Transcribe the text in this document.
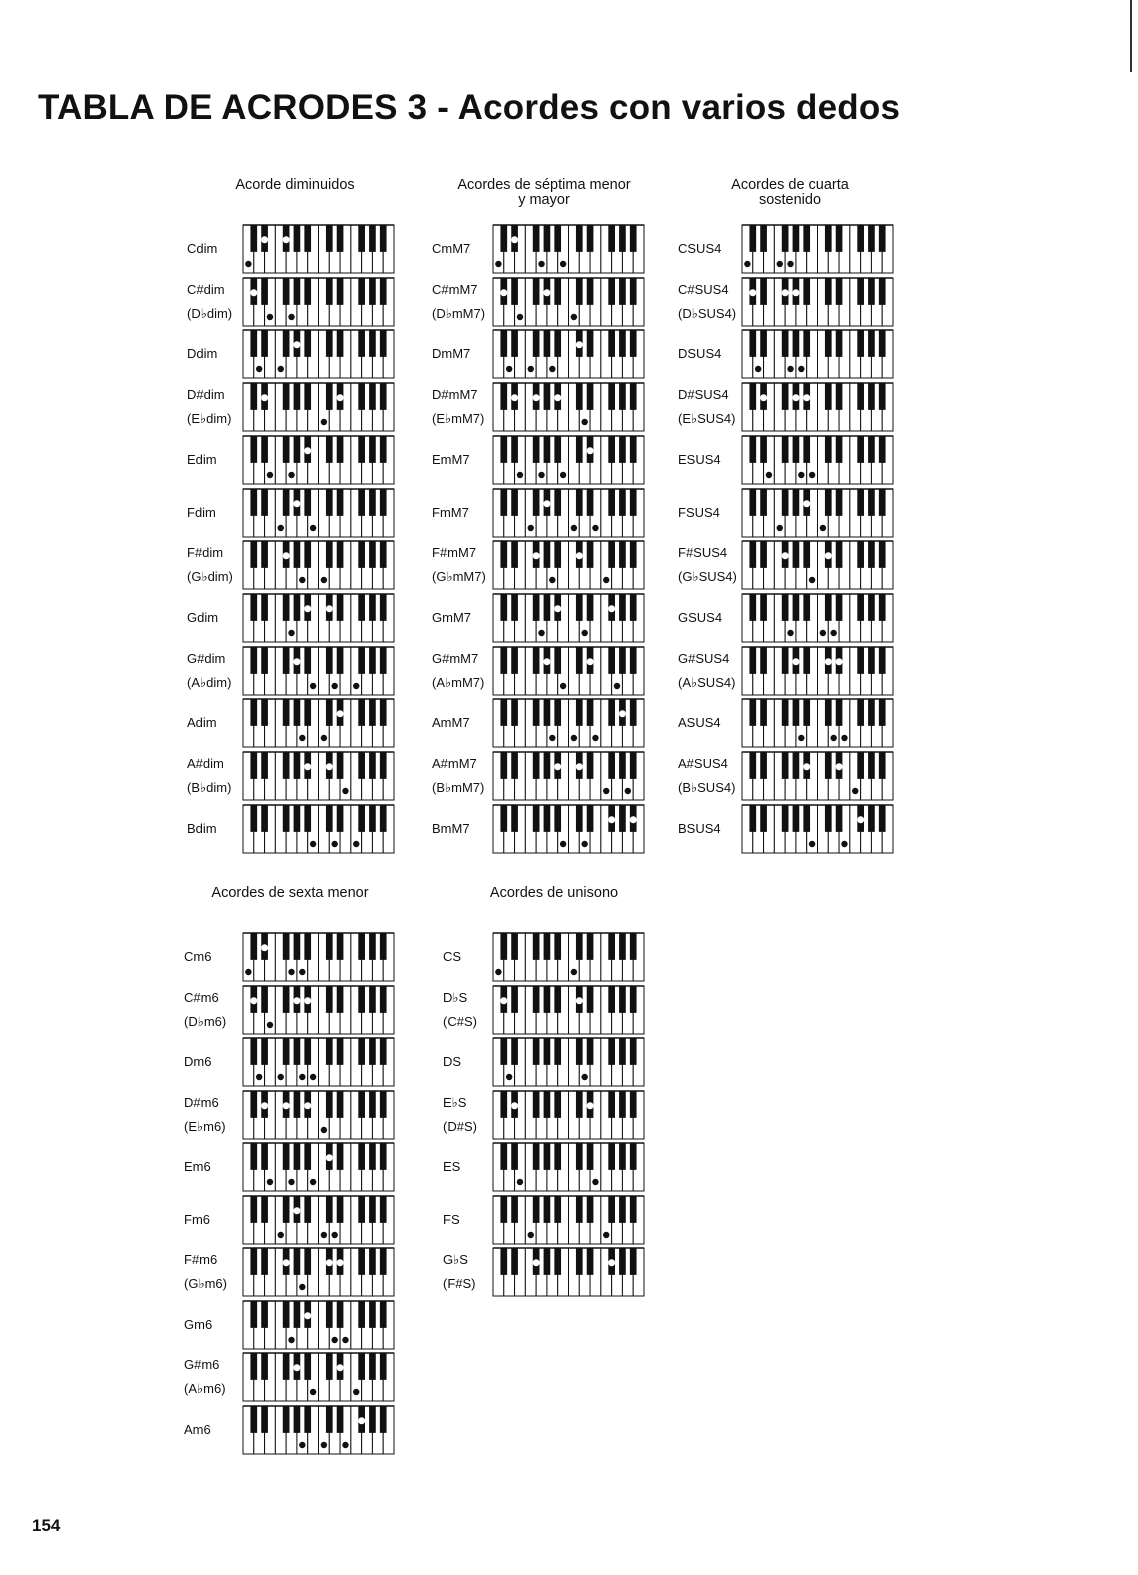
TABLA DE ACRODES 3 - Acordes con varios dedos
Acorde diminuidos
Cdim
C#dim
(D♭dim)
Ddim
D#dim
(E♭dim)
Edim
Fdim
F#dim
(G♭dim)
Gdim
G#dim
(A♭dim)
Adim
A#dim
(B♭dim)
Bdim
Acordes de séptima menor y mayor
CmM7
C#mM7
(D♭mM7)
DmM7
D#mM7
(E♭mM7)
EmM7
FmM7
F#mM7
(G♭mM7)
GmM7
G#mM7
(A♭mM7)
AmM7
A#mM7
(B♭mM7)
BmM7
Acordes de cuarta sostenido
CSUS4
C#SUS4
(D♭SUS4)
DSUS4
D#SUS4
(E♭SUS4)
ESUS4
FSUS4
F#SUS4
(G♭SUS4)
GSUS4
G#SUS4
(A♭SUS4)
ASUS4
A#SUS4
(B♭SUS4)
BSUS4
Acordes de sexta menor
Cm6
C#m6
(D♭m6)
Dm6
D#m6
(E♭m6)
Em6
Fm6
F#m6
(G♭m6)
Gm6
G#m6
(A♭m6)
Am6
Acordes de unisono
CS
D♭S
(C#S)
DS
E♭S
(D#S)
ES
FS
G♭S
(F#S)
154
